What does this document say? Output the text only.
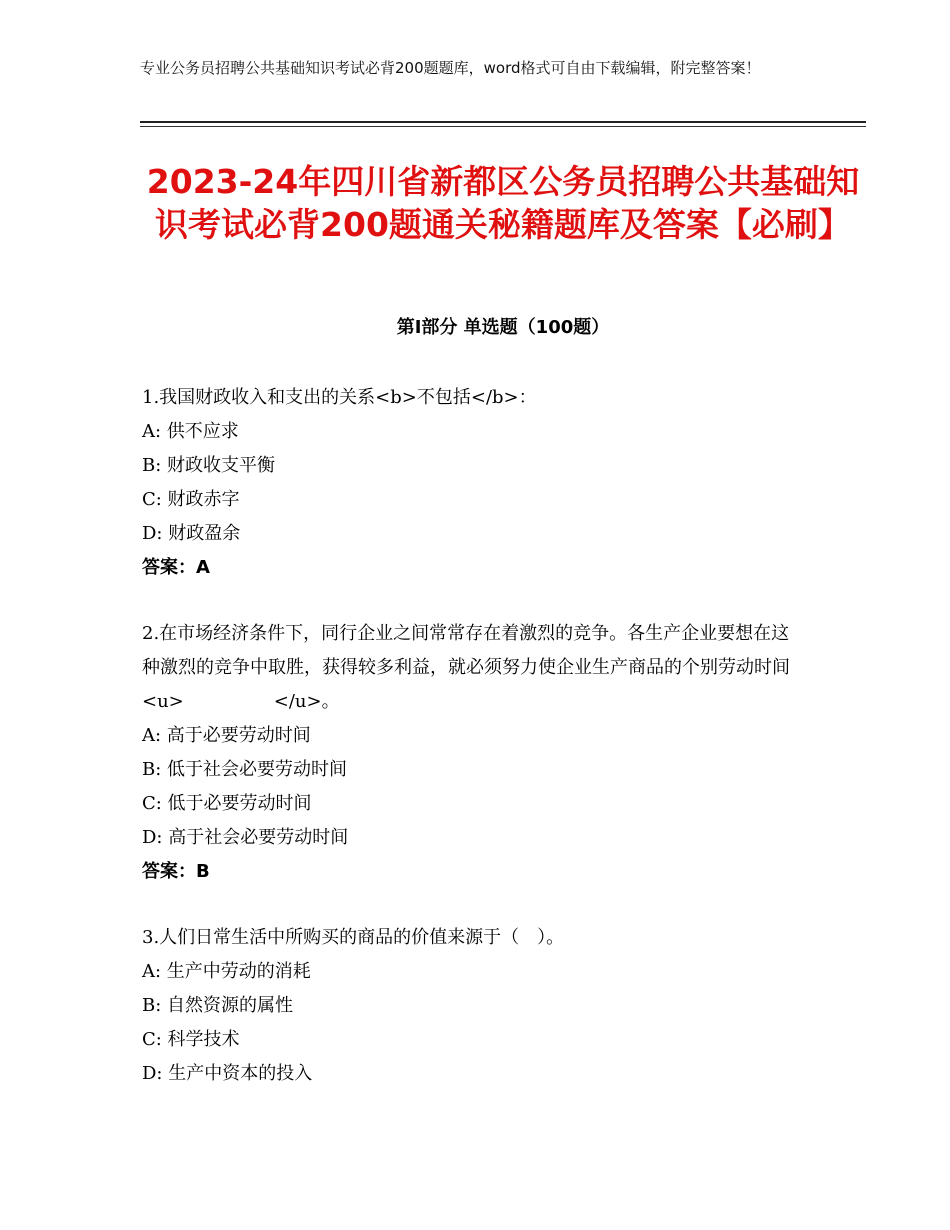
专业公务员招聘公共基础知识考试必背200题题库，word格式可自由下载编辑，附完整答案！
2023-24年四川省新都区公务员招聘公共基础知识考试必背200题通关秘籍题库及答案【必刷】
第Ⅰ部分 单选题（100题）
1.我国财政收入和支出的关系<b>不包括</b>：
A: 供不应求
B: 财政收支平衡
C: 财政赤字
D: 财政盈余
答案：A
2.在市场经济条件下，同行企业之间常常存在着激烈的竞争。各生产企业要想在这种激烈的竞争中取胜，获得较多利益，就必须努力使企业生产商品的个别劳动时间<u>　　　　　</u>。
A: 高于必要劳动时间
B: 低于社会必要劳动时间
C: 低于必要劳动时间
D: 高于社会必要劳动时间
答案：B
3.人们日常生活中所购买的商品的价值来源于（　）。
A: 生产中劳动的消耗
B: 自然资源的属性
C: 科学技术
D: 生产中资本的投入
